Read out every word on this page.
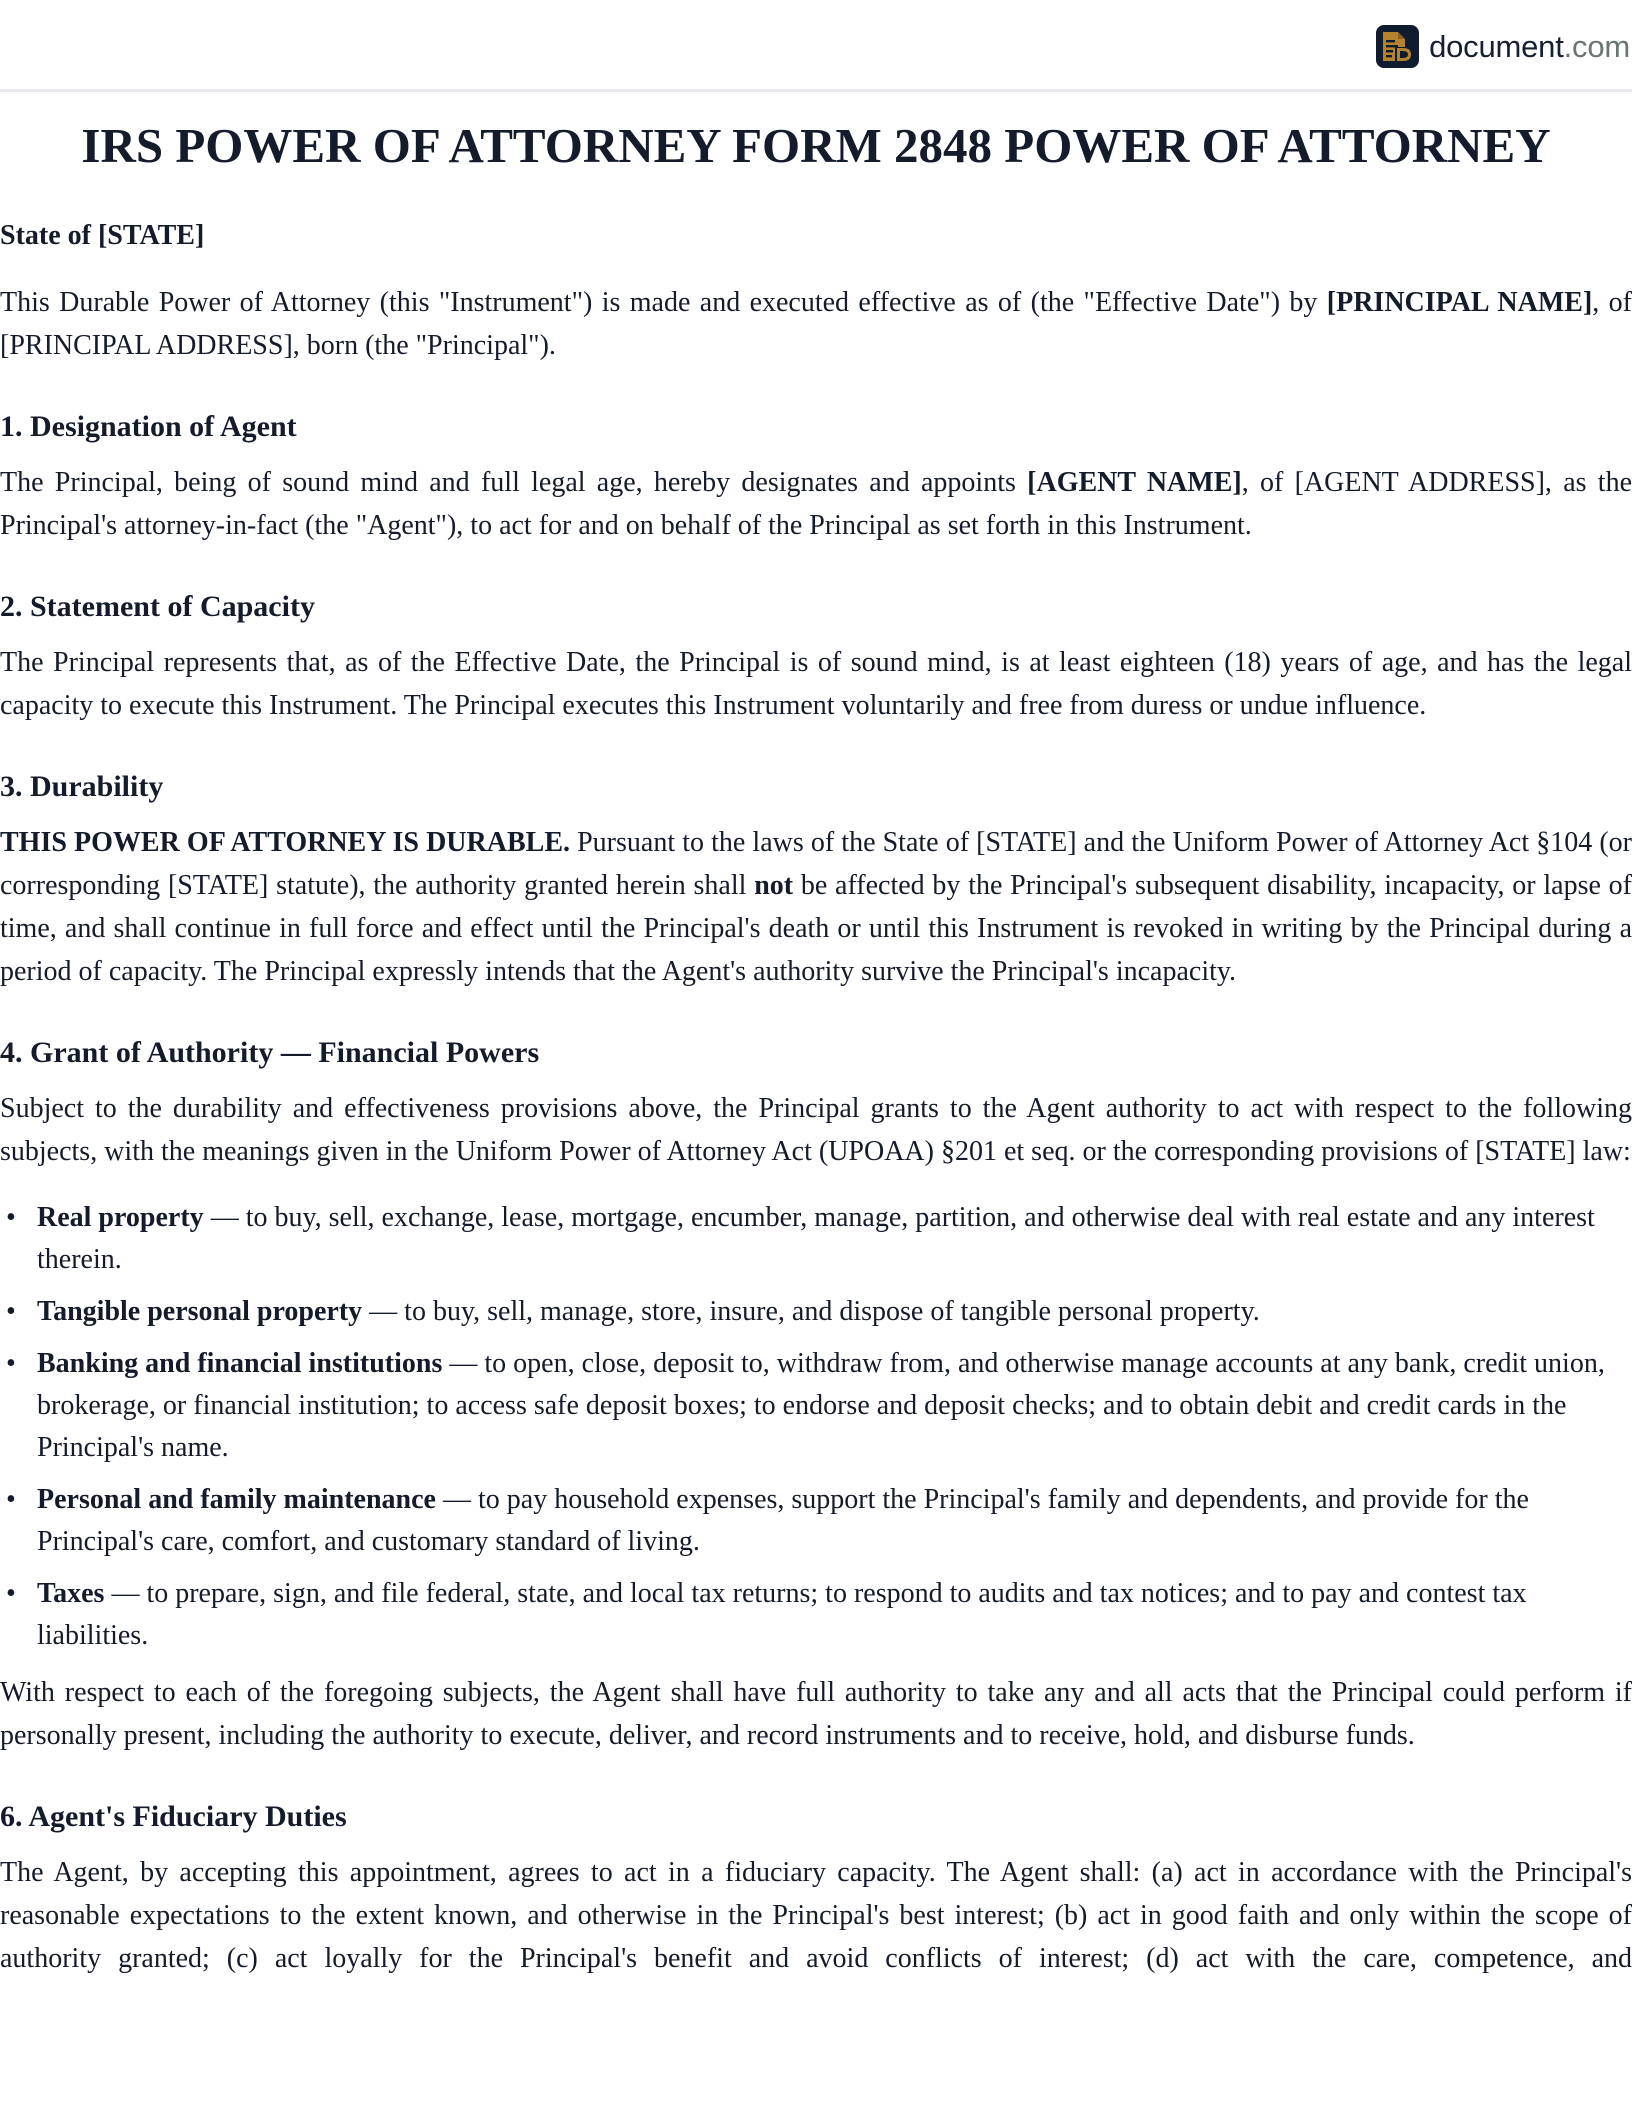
document.com
IRS POWER OF ATTORNEY FORM 2848 POWER OF ATTORNEY
State of [STATE]

This Durable Power of Attorney (this "Instrument") is made and executed effective as of (the "Effective Date") by [PRINCIPAL NAME], of [PRINCIPAL ADDRESS], born (the "Principal").

1. Designation of Agent

The Principal, being of sound mind and full legal age, hereby designates and appoints [AGENT NAME], of [AGENT ADDRESS], as the Principal's attorney-in-fact (the "Agent"), to act for and on behalf of the Principal as set forth in this Instrument.

2. Statement of Capacity

The Principal represents that, as of the Effective Date, the Principal is of sound mind, is at least eighteen (18) years of age, and has the legal capacity to execute this Instrument. The Principal executes this Instrument voluntarily and free from duress or undue influence.

3. Durability

THIS POWER OF ATTORNEY IS DURABLE. Pursuant to the laws of the State of [STATE] and the Uniform Power of Attorney Act §104 (or corresponding [STATE] statute), the authority granted herein shall not be affected by the Principal's subsequent disability, incapacity, or lapse of time, and shall continue in full force and effect until the Principal's death or until this Instrument is revoked in writing by the Principal during a period of capacity. The Principal expressly intends that the Agent's authority survive the Principal's incapacity.

4. Grant of Authority — Financial Powers

Subject to the durability and effectiveness provisions above, the Principal grants to the Agent authority to act with respect to the following subjects, with the meanings given in the Uniform Power of Attorney Act (UPOAA) §201 et seq. or the corresponding provisions of [STATE] law:

• Real property — to buy, sell, exchange, lease, mortgage, encumber, manage, partition, and otherwise deal with real estate and any interest therein.
• Tangible personal property — to buy, sell, manage, store, insure, and dispose of tangible personal property.
• Banking and financial institutions — to open, close, deposit to, withdraw from, and otherwise manage accounts at any bank, credit union, brokerage, or financial institution; to access safe deposit boxes; to endorse and deposit checks; and to obtain debit and credit cards in the Principal's name.
• Personal and family maintenance — to pay household expenses, support the Principal's family and dependents, and provide for the Principal's care, comfort, and customary standard of living.
• Taxes — to prepare, sign, and file federal, state, and local tax returns; to respond to audits and tax notices; and to pay and contest tax liabilities.

With respect to each of the foregoing subjects, the Agent shall have full authority to take any and all acts that the Principal could perform if personally present, including the authority to execute, deliver, and record instruments and to receive, hold, and disburse funds.

6. Agent's Fiduciary Duties

The Agent, by accepting this appointment, agrees to act in a fiduciary capacity. The Agent shall: (a) act in accordance with the Principal's reasonable expectations to the extent known, and otherwise in the Principal's best interest; (b) act in good faith and only within the scope of authority granted; (c) act loyally for the Principal's benefit and avoid conflicts of interest; (d) act with the care, competence, and
